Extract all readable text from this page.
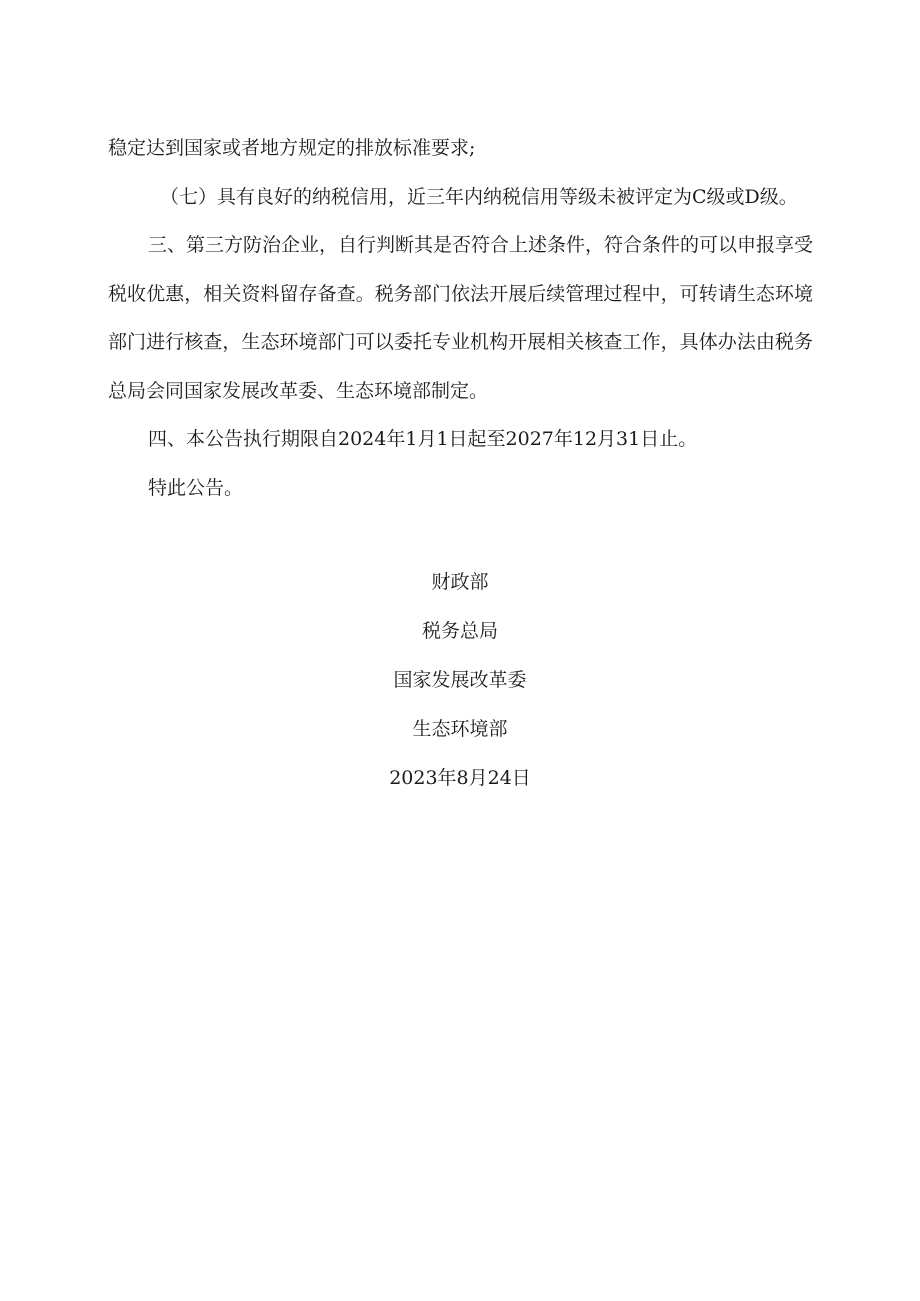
稳定达到国家或者地方规定的排放标准要求;

（七）具有良好的纳税信用，近三年内纳税信用等级未被评定为C级或D级。

三、第三方防治企业，自行判断其是否符合上述条件，符合条件的可以申报享受税收优惠，相关资料留存备查。税务部门依法开展后续管理过程中，可转请生态环境部门进行核查，生态环境部门可以委托专业机构开展相关核查工作，具体办法由税务总局会同国家发展改革委、生态环境部制定。

四、本公告执行期限自2024年1月1日起至2027年12月31日止。

特此公告。

财政部
税务总局
国家发展改革委
生态环境部
2023年8月24日
